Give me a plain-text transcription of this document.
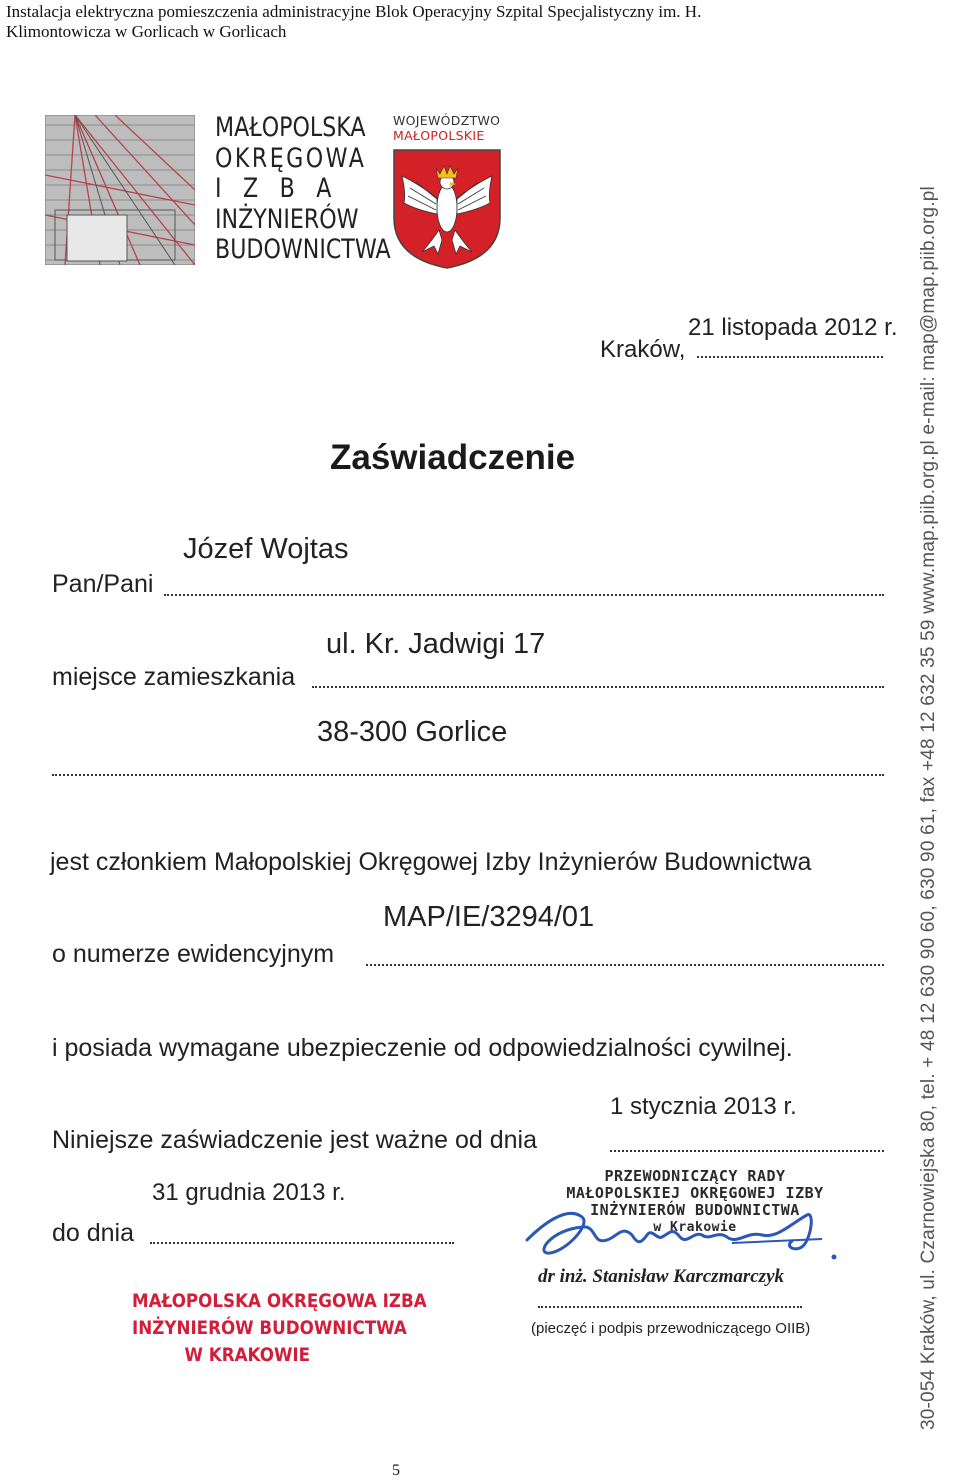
Instalacja elektryczna pomieszczenia administracyjne Blok Operacyjny Szpital Specjalistyczny im. H.
Klimontowicza w Gorlicach w Gorlicach
MAŁOPOLSKA
OKRĘGOWA
I  Z  B  A
INŻYNIERÓW
BUDOWNICTWA
WOJEWÓDZTWO
MAŁOPOLSKIE
21 listopada 2012 r.
Kraków,
Zaświadczenie
Józef Wojtas
Pan/Pani
ul. Kr. Jadwigi 17
miejsce zamieszkania
38-300 Gorlice
jest członkiem Małopolskiej Okręgowej Izby Inżynierów Budownictwa
MAP/IE/3294/01
o numerze ewidencyjnym
i posiada wymagane ubezpieczenie od odpowiedzialności cywilnej.
1 stycznia 2013 r.
Niniejsze zaświadczenie jest ważne od dnia
31 grudnia 2013 r.
do dnia
PRZEWODNICZĄCY RADY
MAŁOPOLSKIEJ OKRĘGOWEJ IZBY
INŻYNIERÓW BUDOWNICTWA
w Krakowie
dr inż. Stanisław Karczmarczyk
(pieczęć i podpis przewodniczącego OIIB)
MAŁOPOLSKA OKRĘGOWA IZBA
INŻYNIERÓW BUDOWNICTWA
W KRAKOWIE	30-054 Kraków, ul. Czarnowiejska 80, tel. + 48 12 630 90 60, 630 90 61, fax +48 12 632 35 59 www.map.piib.org.pl e-mail: map@map.piib.org.pl
5
